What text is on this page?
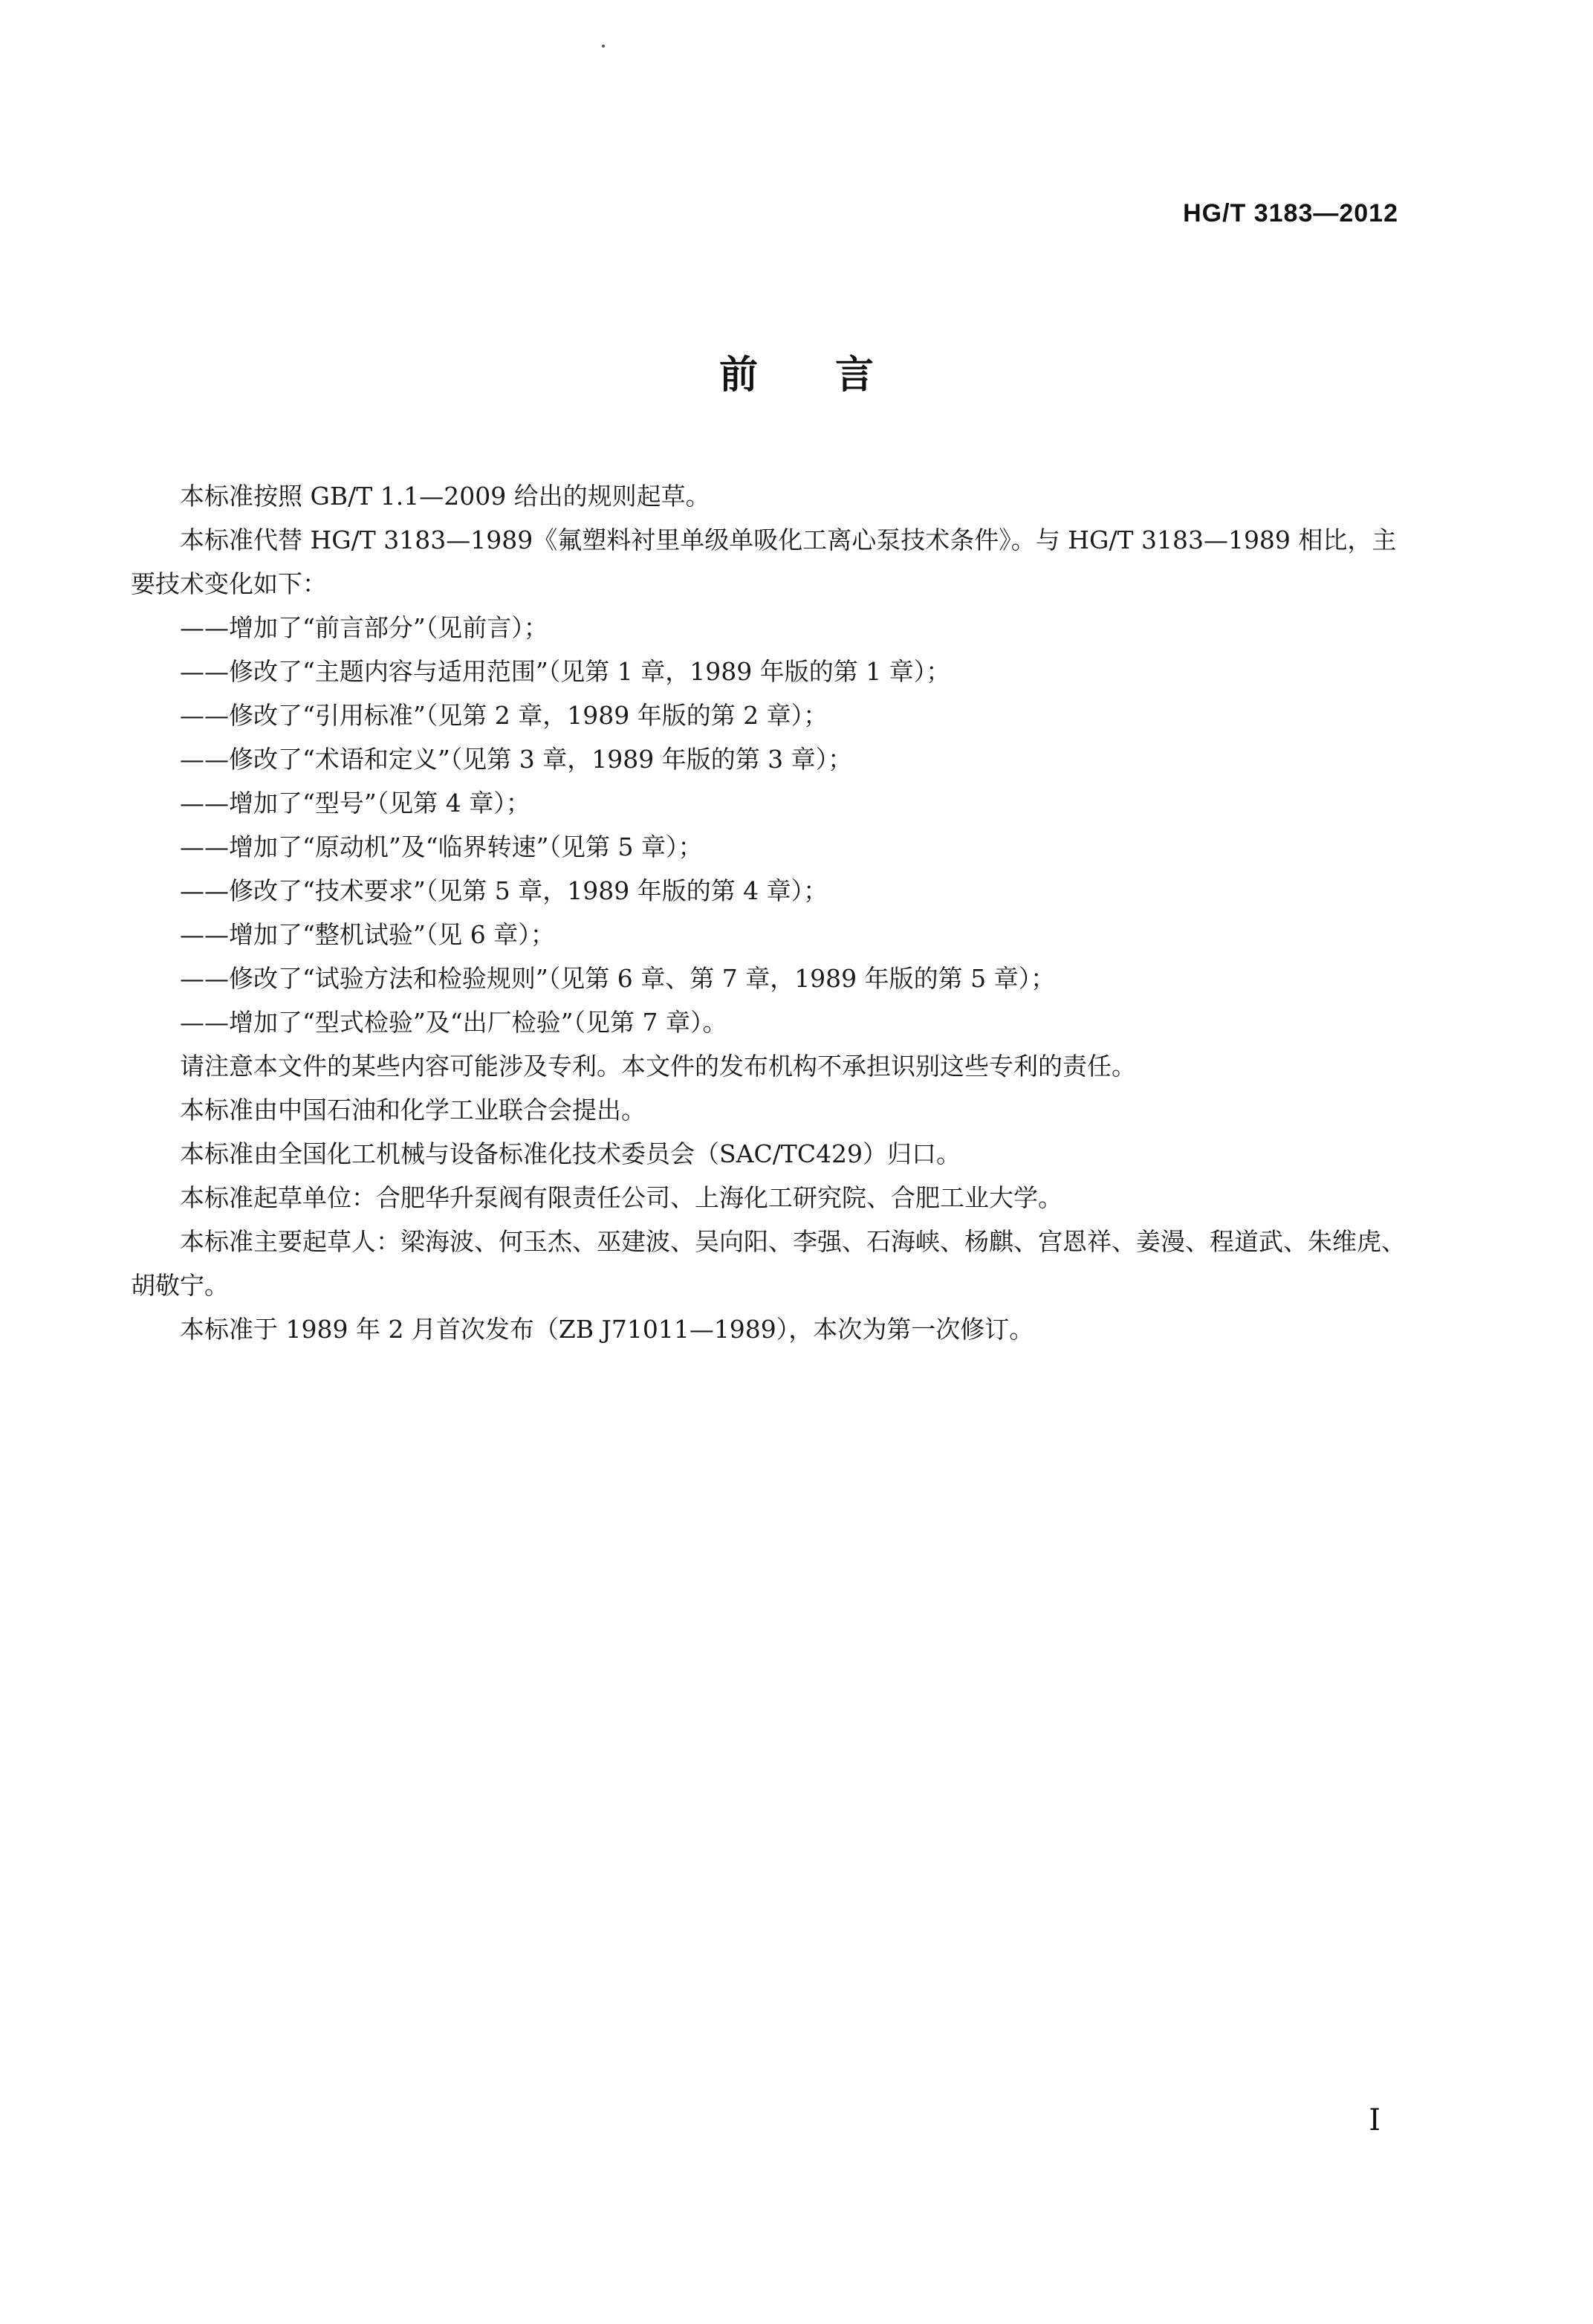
HG/T 3183—2012
前言

本标准按照 GB/T 1.1—2009 给出的规则起草。

本标准代替 HG/T 3183—1989《氟塑料衬里单级单吸化工离心泵技术条件》。与 HG/T 3183—1989 相比，主要技术变化如下：

——增加了“前言部分”（见前言）；

——修改了“主题内容与适用范围”（见第 1 章，1989 年版的第 1 章）；

——修改了“引用标准”（见第 2 章，1989 年版的第 2 章）；

——修改了“术语和定义”（见第 3 章，1989 年版的第 3 章）；

——增加了“型号”（见第 4 章）；

——增加了“原动机”及“临界转速”（见第 5 章）；

——修改了“技术要求”（见第 5 章，1989 年版的第 4 章）；

——增加了“整机试验”（见 6 章）；

——修改了“试验方法和检验规则”（见第 6 章、第 7 章，1989 年版的第 5 章）；

——增加了“型式检验”及“出厂检验”（见第 7 章）。

请注意本文件的某些内容可能涉及专利。本文件的发布机构不承担识别这些专利的责任。

本标准由中国石油和化学工业联合会提出。

本标准由全国化工机械与设备标准化技术委员会（SAC/TC429）归口。

本标准起草单位：合肥华升泵阀有限责任公司、上海化工研究院、合肥工业大学。

本标准主要起草人：梁海波、何玉杰、巫建波、吴向阳、李强、石海峡、杨麒、宫恩祥、姜漫、程道武、朱维虎、胡敬宁。

本标准于 1989 年 2 月首次发布（ZB J71011—1989），本次为第一次修订。

I
